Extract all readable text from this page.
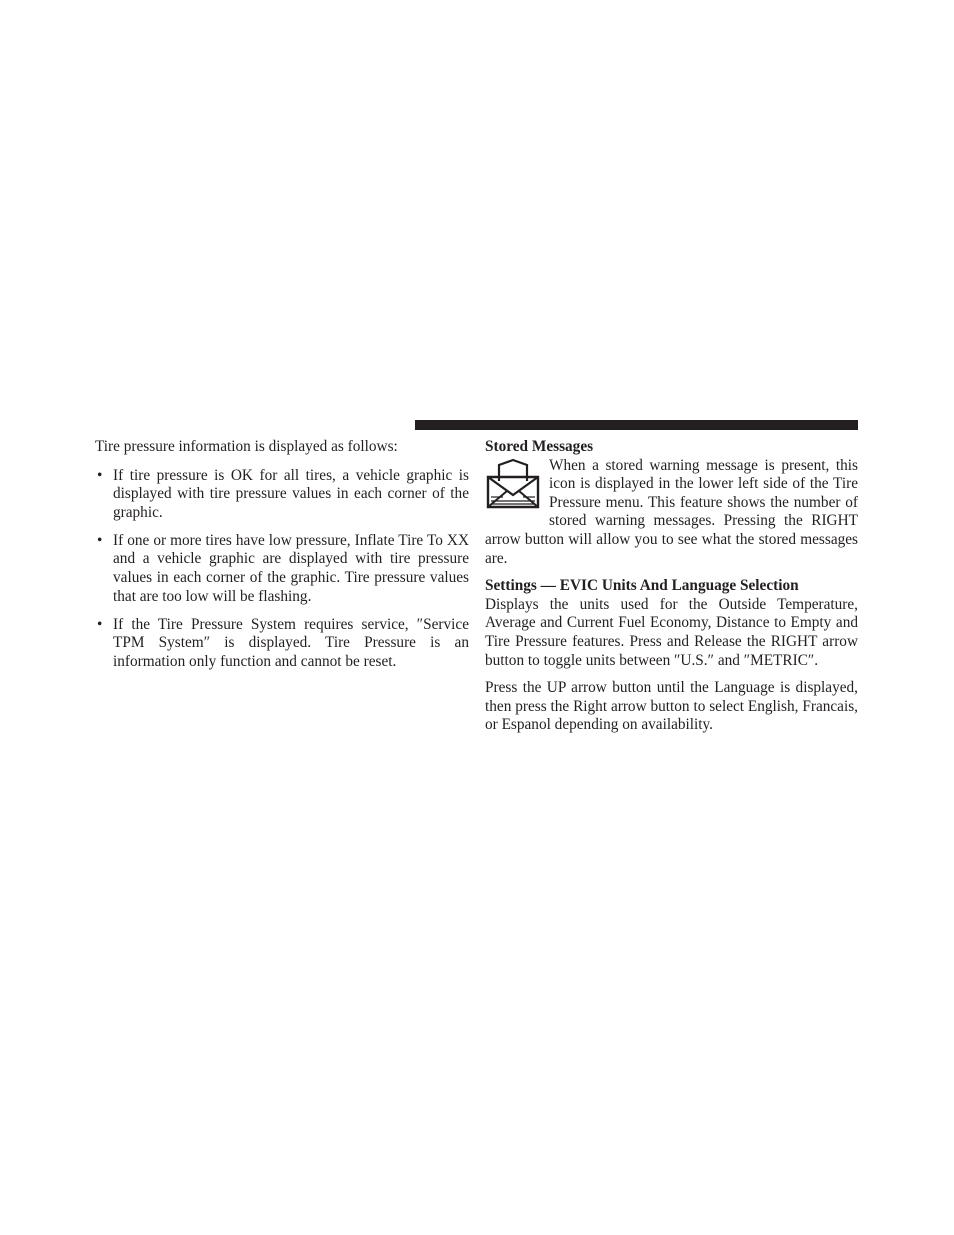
Tire pressure information is displayed as follows:

• If tire pressure is OK for all tires, a vehicle graphic is displayed with tire pressure values in each corner of the graphic.
• If one or more tires have low pressure, Inflate Tire To XX and a vehicle graphic are displayed with tire pressure values in each corner of the graphic. Tire pressure values that are too low will be flashing.
• If the Tire Pressure System requires service, ″Service TPM System″ is displayed. Tire Pressure is an information only function and cannot be reset.
Stored Messages

When a stored warning message is present, this icon is displayed in the lower left side of the Tire Pressure menu. This feature shows the number of stored warning messages. Pressing the RIGHT arrow button will allow you to see what the stored messages are.

Settings — EVIC Units And Language Selection

Displays the units used for the Outside Temperature, Average and Current Fuel Economy, Distance to Empty and Tire Pressure features. Press and Release the RIGHT arrow button to toggle units between ″U.S.″ and ″METRIC″.

Press the UP arrow button until the Language is displayed, then press the Right arrow button to select English, Francais, or Espanol depending on availability.
